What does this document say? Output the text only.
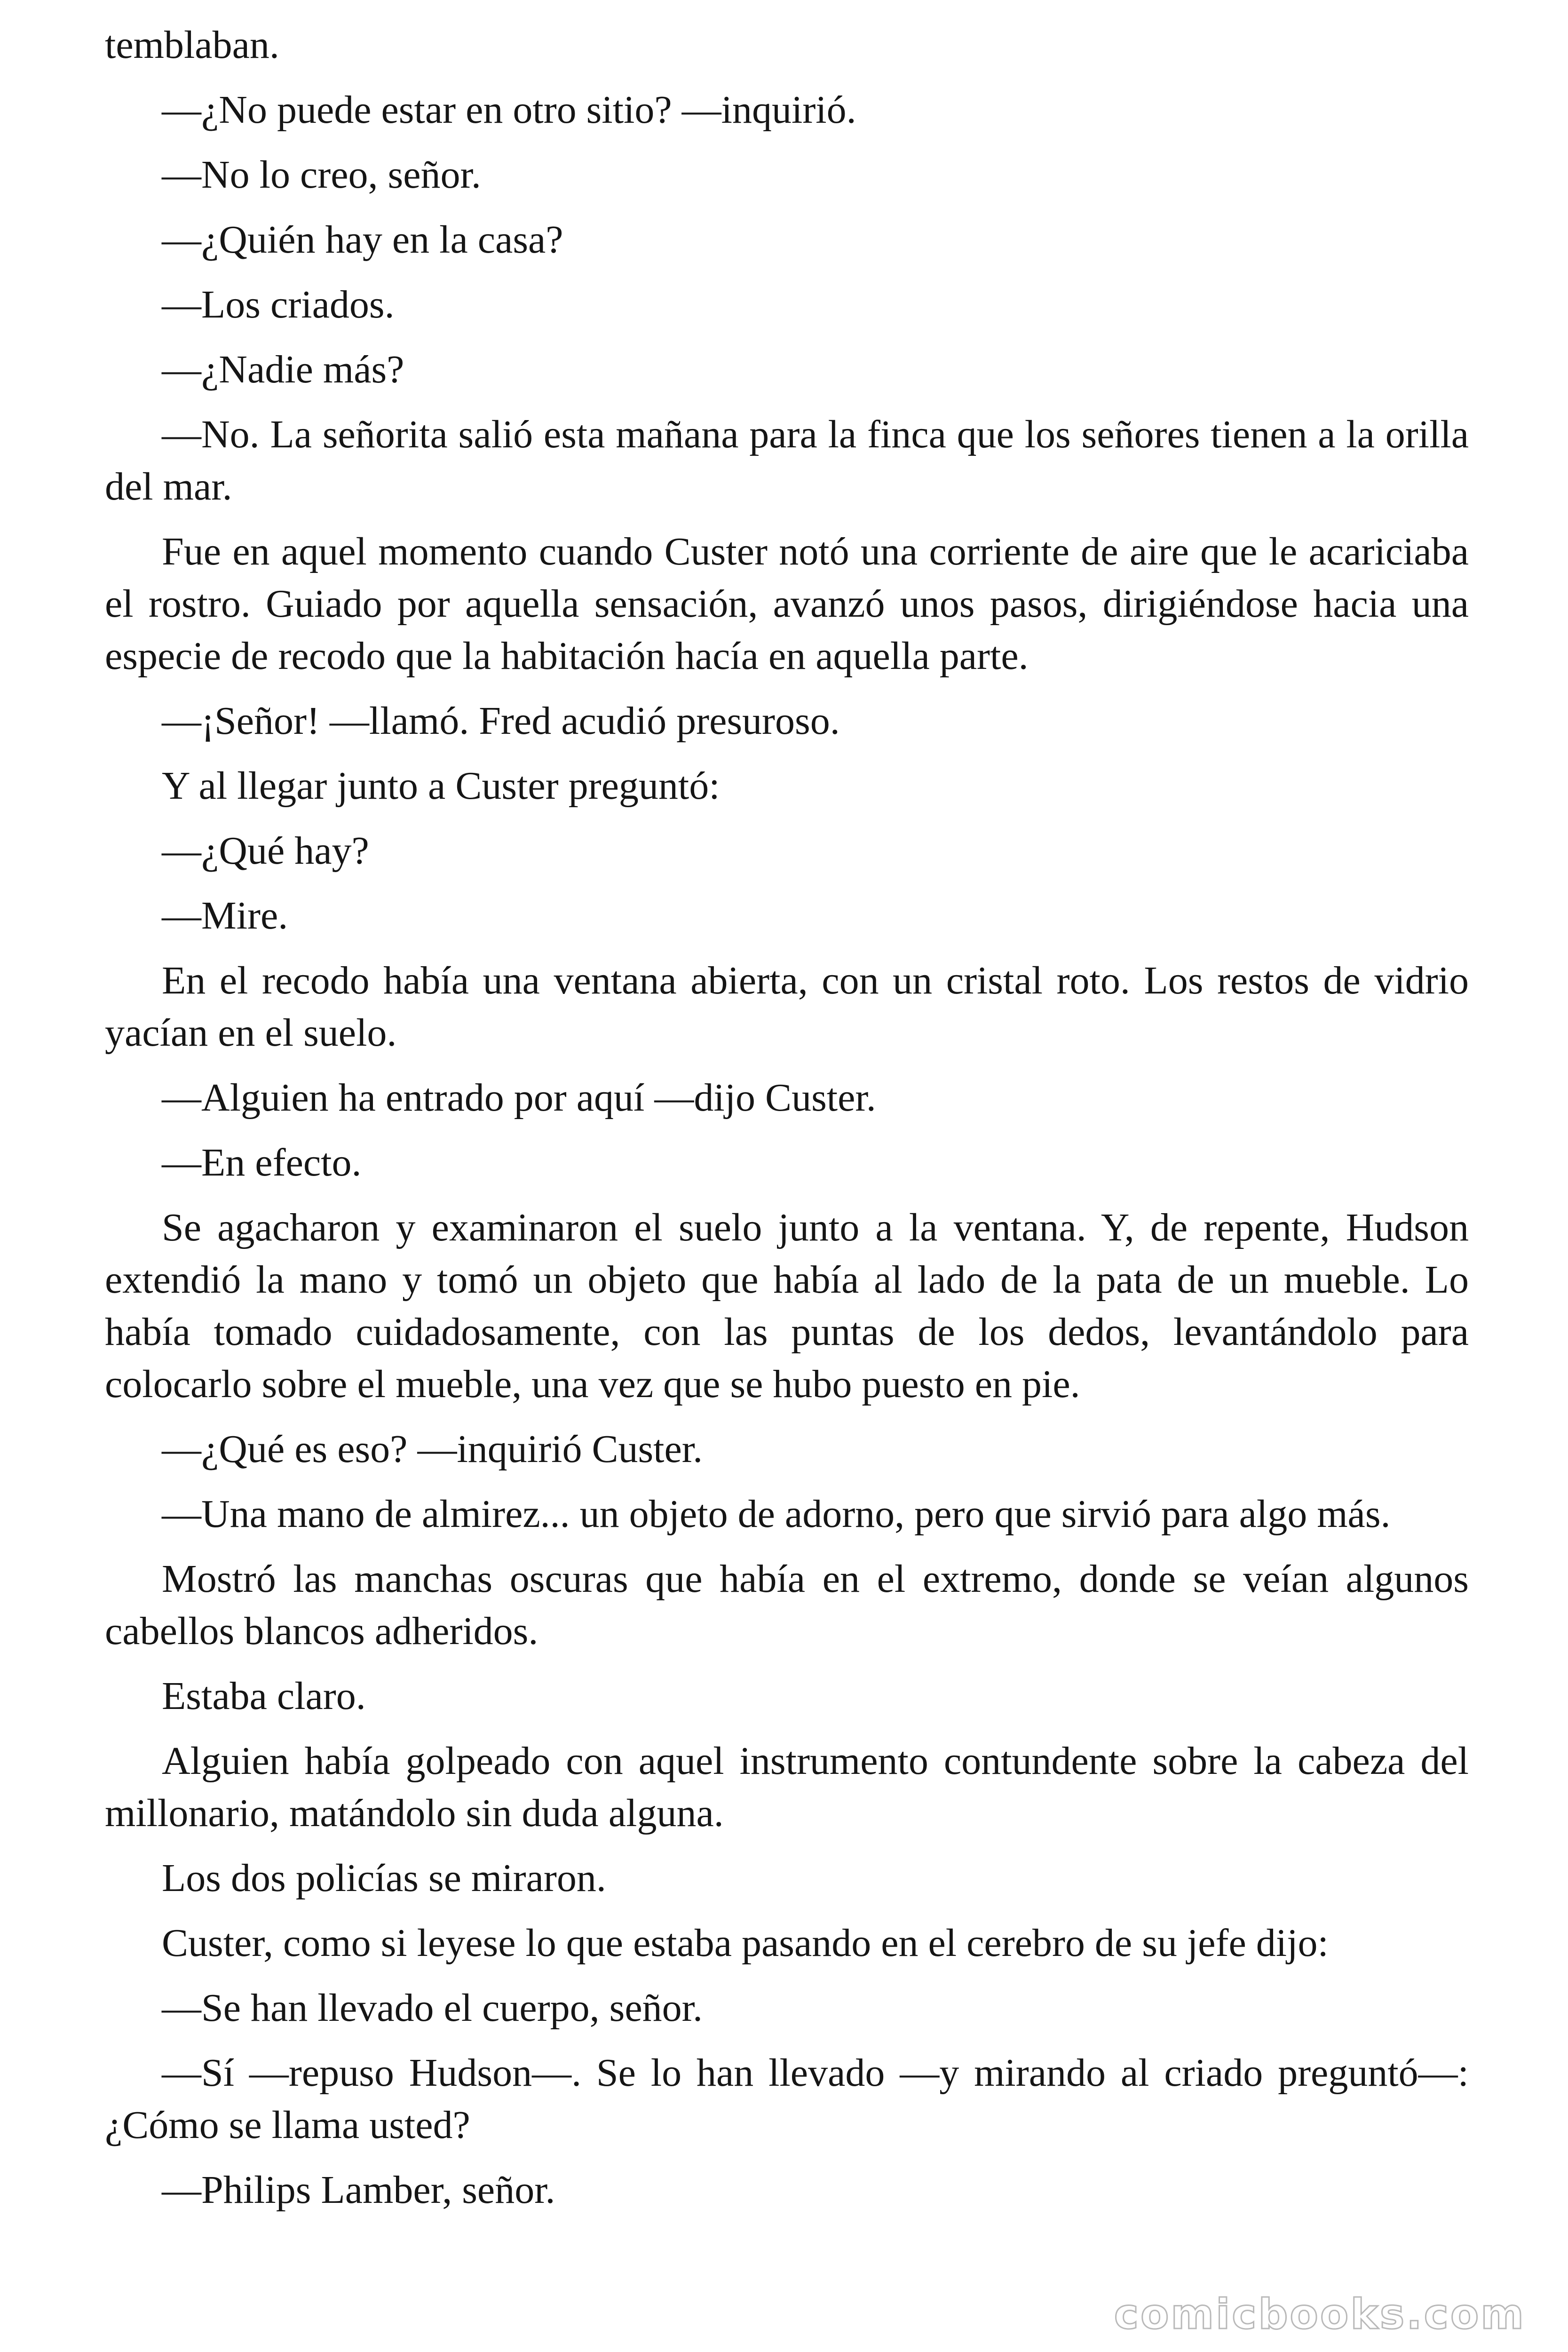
temblaban.

—¿No puede estar en otro sitio? —inquirió.

—No lo creo, señor.

—¿Quién hay en la casa?

—Los criados.

—¿Nadie más?

—No. La señorita salió esta mañana para la finca que los señores tienen a la orilla del mar.

Fue en aquel momento cuando Custer notó una corriente de aire que le acariciaba el rostro. Guiado por aquella sensación, avanzó unos pasos, dirigiéndose hacia una especie de recodo que la habitación hacía en aquella parte.

—¡Señor! —llamó. Fred acudió presuroso.

Y al llegar junto a Custer preguntó:

—¿Qué hay?

—Mire.

En el recodo había una ventana abierta, con un cristal roto. Los restos de vidrio yacían en el suelo.

—Alguien ha entrado por aquí —dijo Custer.

—En efecto.

Se agacharon y examinaron el suelo junto a la ventana. Y, de repente, Hudson extendió la mano y tomó un objeto que había al lado de la pata de un mueble. Lo había tomado cuidadosamente, con las puntas de los dedos, levantándolo para colocarlo sobre el mueble, una vez que se hubo puesto en pie.

—¿Qué es eso? —inquirió Custer.

—Una mano de almirez... un objeto de adorno, pero que sirvió para algo más.

Mostró las manchas oscuras que había en el extremo, donde se veían algunos cabellos blancos adheridos.

Estaba claro.

Alguien había golpeado con aquel instrumento contundente sobre la cabeza del millonario, matándolo sin duda alguna.

Los dos policías se miraron.

Custer, como si leyese lo que estaba pasando en el cerebro de su jefe dijo:

—Se han llevado el cuerpo, señor.

—Sí —repuso Hudson—. Se lo han llevado —y mirando al criado preguntó—: ¿Cómo se llama usted?

—Philips Lamber, señor.

comicbooks.com
